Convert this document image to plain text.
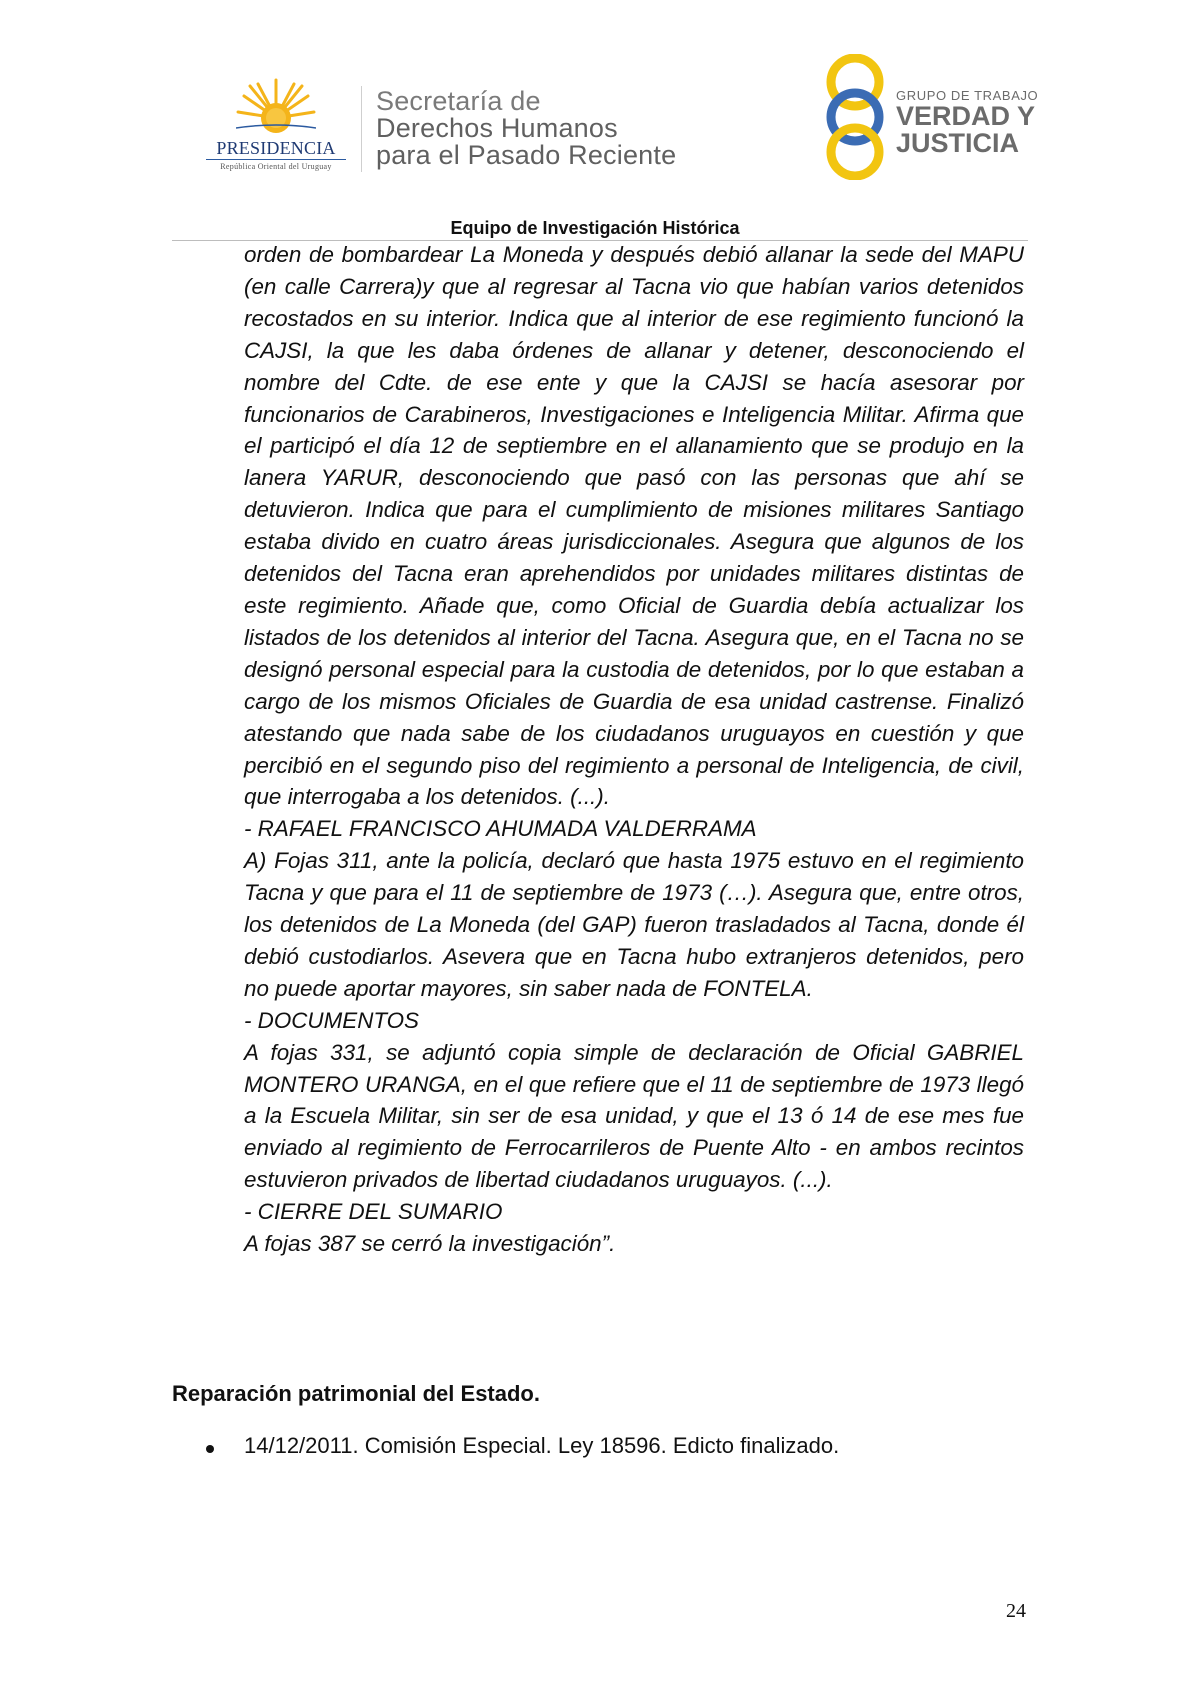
PRESIDENCIA
República Oriental del Uruguay
Secretaría de
Derechos Humanos
para el Pasado Reciente
GRUPO DE TRABAJO
VERDAD Y
JUSTICIA
Equipo de Investigación Histórica

orden de bombardear La Moneda y después debió allanar la sede del MAPU (en calle Carrera)y que al regresar al Tacna vio que habían varios detenidos recostados en su interior. Indica que al interior de ese regimiento funcionó la CAJSI, la que les daba órdenes de allanar y detener, desconociendo el nombre del Cdte. de ese ente y que la CAJSI se hacía asesorar por funcionarios de Carabineros, Investigaciones e Inteligencia Militar. Afirma que el participó el día 12 de septiembre en el allanamiento que se produjo en la lanera YARUR, desconociendo que pasó con las personas que ahí se detuvieron. Indica que para el cumplimiento de misiones militares Santiago estaba divido en cuatro áreas jurisdiccionales. Asegura que algunos de los detenidos del Tacna eran aprehendidos por unidades militares distintas de este regimiento. Añade que, como Oficial de Guardia debía actualizar los listados de los detenidos al interior del Tacna. Asegura que, en el Tacna no se designó personal especial para la custodia de detenidos, por lo que estaban a cargo de los mismos Oficiales de Guardia de esa unidad castrense. Finalizó atestando que nada sabe de los ciudadanos uruguayos en cuestión y que percibió en el segundo piso del regimiento a personal de Inteligencia, de civil, que interrogaba a los detenidos. (...).

- RAFAEL FRANCISCO AHUMADA VALDERRAMA

A) Fojas 311, ante la policía, declaró que hasta 1975 estuvo en el regimiento Tacna y que para el 11 de septiembre de 1973 (…). Asegura que, entre otros, los detenidos de La Moneda (del GAP) fueron trasladados al Tacna, donde él debió custodiarlos. Asevera que en Tacna hubo extranjeros detenidos, pero no puede aportar mayores, sin saber nada de FONTELA.

- DOCUMENTOS

A fojas 331, se adjuntó copia simple de declaración de Oficial GABRIEL MONTERO URANGA, en el que refiere que el 11 de septiembre de 1973 llegó a la Escuela Militar, sin ser de esa unidad, y que el 13 ó 14 de ese mes fue enviado al regimiento de Ferrocarrileros de Puente Alto - en ambos recintos estuvieron privados de libertad ciudadanos uruguayos. (...).

- CIERRE DEL SUMARIO

A fojas 387 se cerró la investigación”.

Reparación patrimonial del Estado.
14/12/2011. Comisión Especial. Ley 18596. Edicto finalizado.
24
